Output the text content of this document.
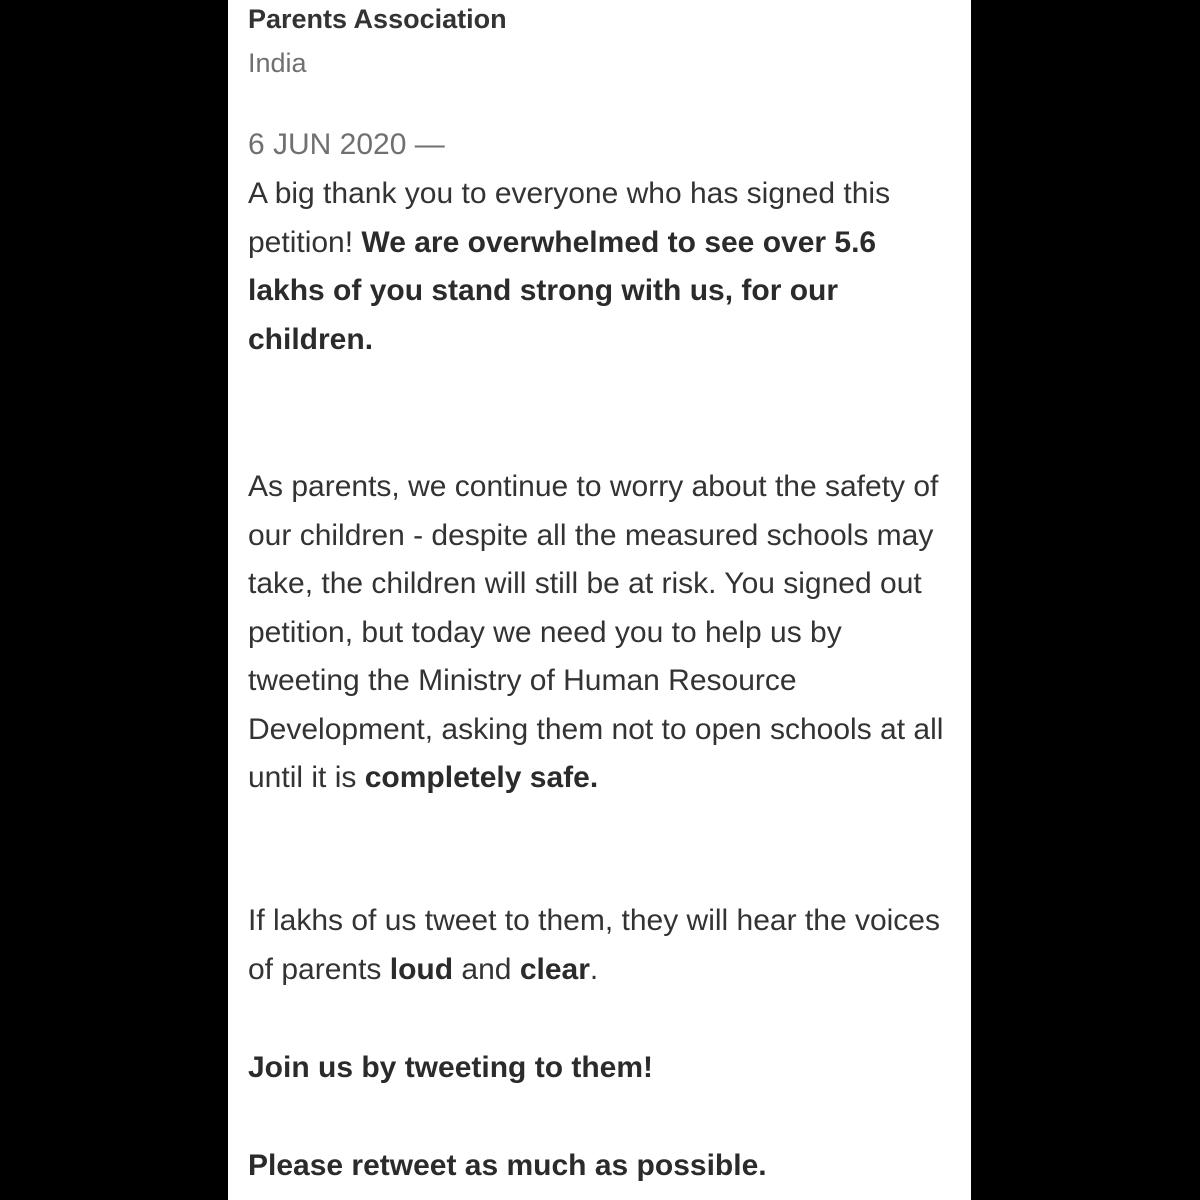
Parents Association
India
6 JUN 2020 —
A big thank you to everyone who has signed this petition! We are overwhelmed to see over 5.6 lakhs of you stand strong with us, for our children.
As parents, we continue to worry about the safety of our children - despite all the measured schools may take, the children will still be at risk. You signed out petition, but today we need you to help us by tweeting the Ministry of Human Resource Development, asking them not to open schools at all until it is completely safe.
If lakhs of us tweet to them, they will hear the voices of parents loud and clear.
Join us by tweeting to them!
Please retweet as much as possible.
